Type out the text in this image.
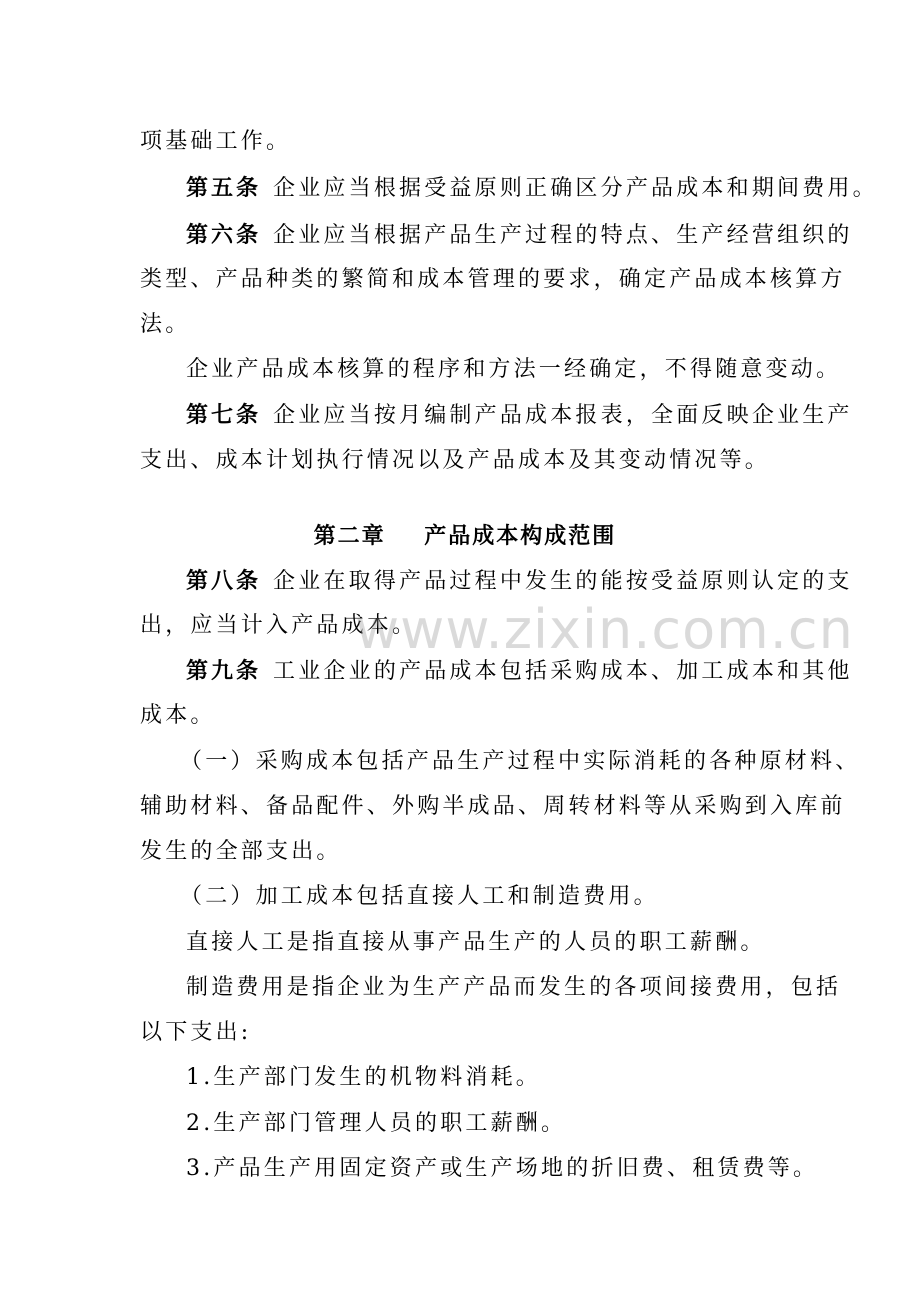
项基础工作。
第五条 企业应当根据受益原则正确区分产品成本和期间费用。
第六条 企业应当根据产品生产过程的特点、生产经营组织的
类型、产品种类的繁简和成本管理的要求，确定产品成本核算方
法。
企业产品成本核算的程序和方法一经确定，不得随意变动。
第七条 企业应当按月编制产品成本报表，全面反映企业生产
支出、成本计划执行情况以及产品成本及其变动情况等。
第二章    产品成本构成范围
第八条 企业在取得产品过程中发生的能按受益原则认定的支
出，应当计入产品成本。
第九条 工业企业的产品成本包括采购成本、加工成本和其他
成本。
（一）采购成本包括产品生产过程中实际消耗的各种原材料、
辅助材料、备品配件、外购半成品、周转材料等从采购到入库前
发生的全部支出。
（二）加工成本包括直接人工和制造费用。
直接人工是指直接从事产品生产的人员的职工薪酬。
制造费用是指企业为生产产品而发生的各项间接费用，包括
以下支出:
1.生产部门发生的机物料消耗。
2.生产部门管理人员的职工薪酬。
3.产品生产用固定资产或生产场地的折旧费、租赁费等。
www.zixin.com.cn
